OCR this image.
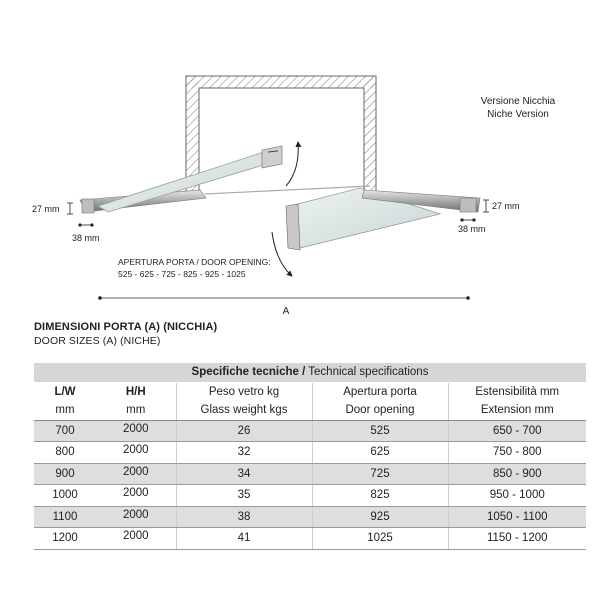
Versione Nicchia
Niche Version
27 mm	27 mm
38 mm
38 mm
APERTURA PORTA / DOOR OPENING:
525 - 625 - 725 - 825 - 925 - 1025
A
DIMENSIONI PORTA (A) (NICCHIA)
DOOR SIZES (A) (NICHE)
Specifiche tecniche / Technical specifications				
L/W	H/H	Peso vetro kg	Apertura porta	Estensibilità mm
mm	mm	Glass weight kgs	Door opening	Extension mm
700	2000	26	525	650 - 700
800	2000	32	625	750 - 800
900	2000	34	725	850 - 900
1000	2000	35	825	950 - 1000
1100	2000	38	925	1050 - 1100
1200	2000	41	1025	1150 - 1200
